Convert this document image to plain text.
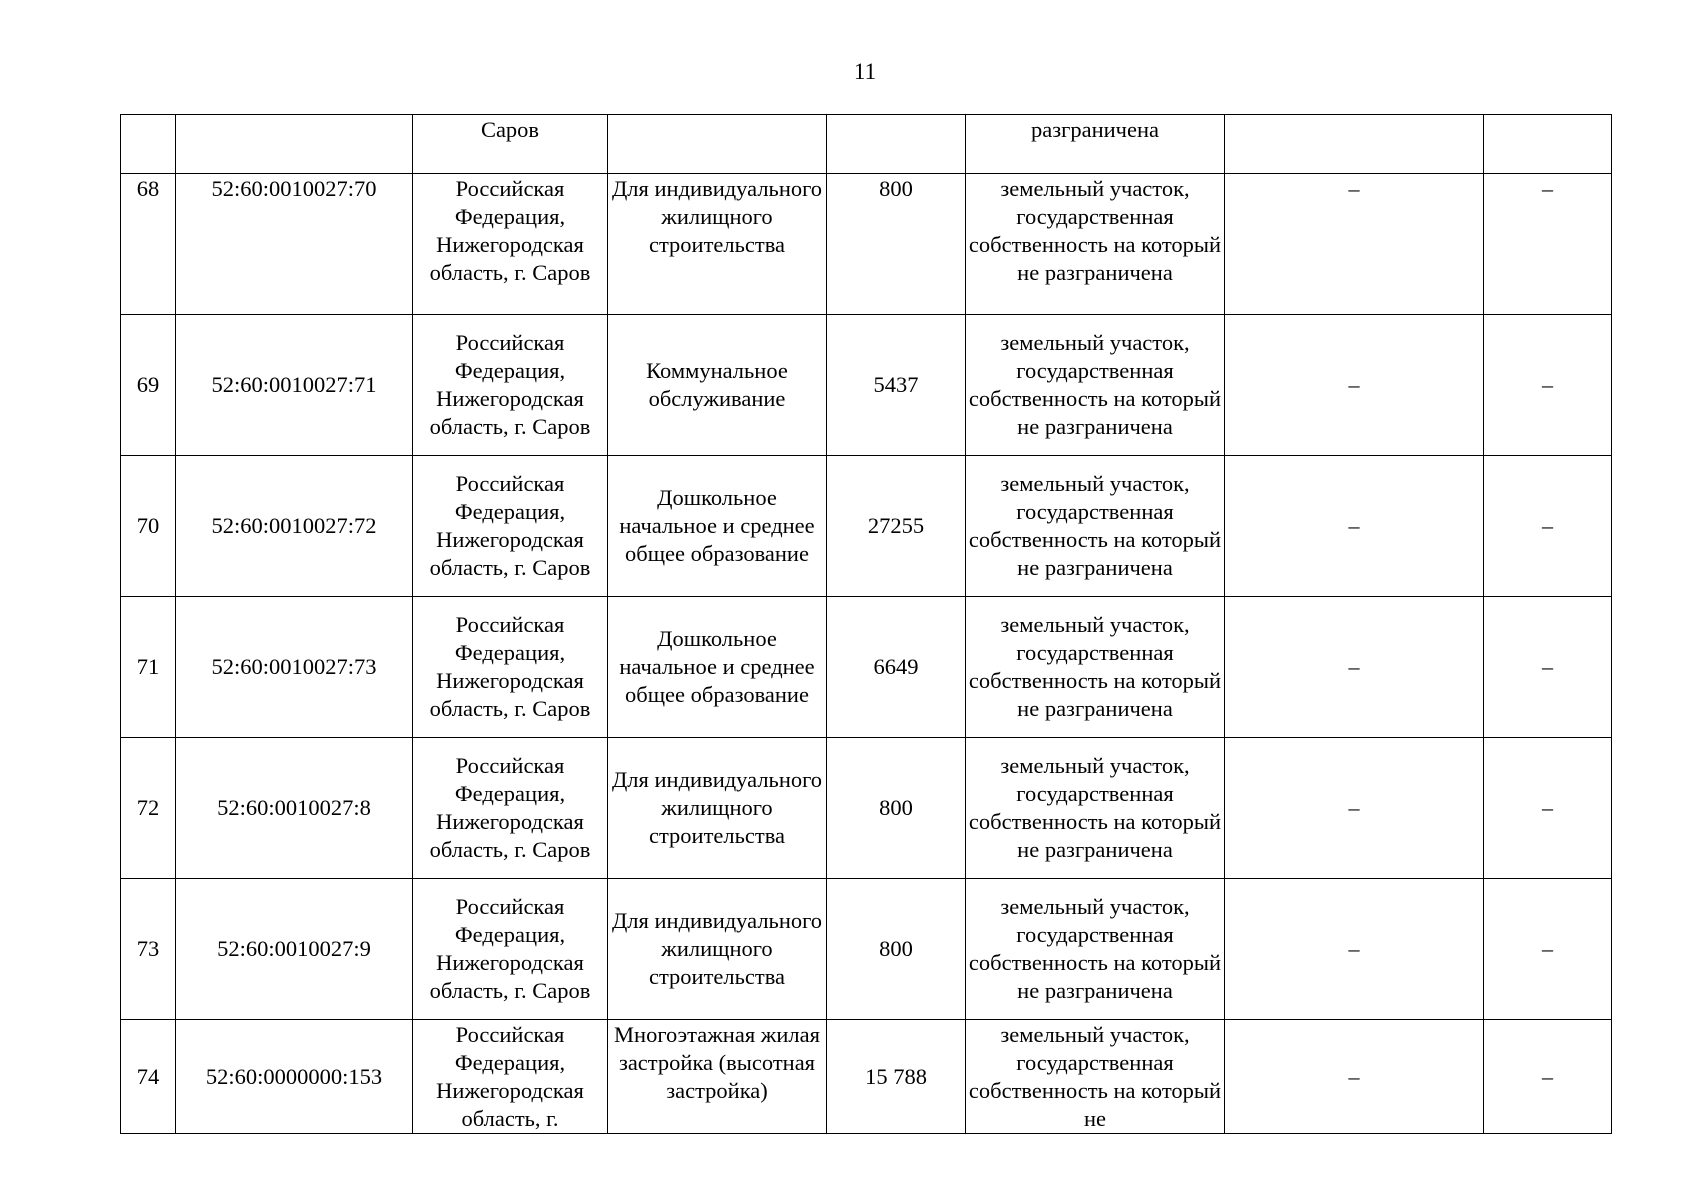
11
		Саров			разграничена		
68	52:60:0010027:70	Российская Федерация, Нижегородская область, г. Саров	Для индивидуального жилищного строительства	800	земельный участок, государственная собственность на который не разграничена	–	–
69	52:60:0010027:71	Российская Федерация, Нижегородская область, г. Саров	Коммунальное обслуживание	5437	земельный участок, государственная собственность на который не разграничена	–	–
70	52:60:0010027:72	Российская Федерация, Нижегородская область, г. Саров	Дошкольное начальное и среднее общее образование	27255	земельный участок, государственная собственность на который не разграничена	–	–
71	52:60:0010027:73	Российская Федерация, Нижегородская область, г. Саров	Дошкольное начальное и среднее общее образование	6649	земельный участок, государственная собственность на который не разграничена	–	–
72	52:60:0010027:8	Российская Федерация, Нижегородская область, г. Саров	Для индивидуального жилищного строительства	800	земельный участок, государственная собственность на который не разграничена	–	–
73	52:60:0010027:9	Российская Федерация, Нижегородская область, г. Саров	Для индивидуального жилищного строительства	800	земельный участок, государственная собственность на который не разграничена	–	–
74	52:60:0000000:153	Российская Федерация, Нижегородская область, г.	Многоэтажная жилая застройка (высотная застройка)	15 788	земельный участок, государственная собственность на который не	–	–
